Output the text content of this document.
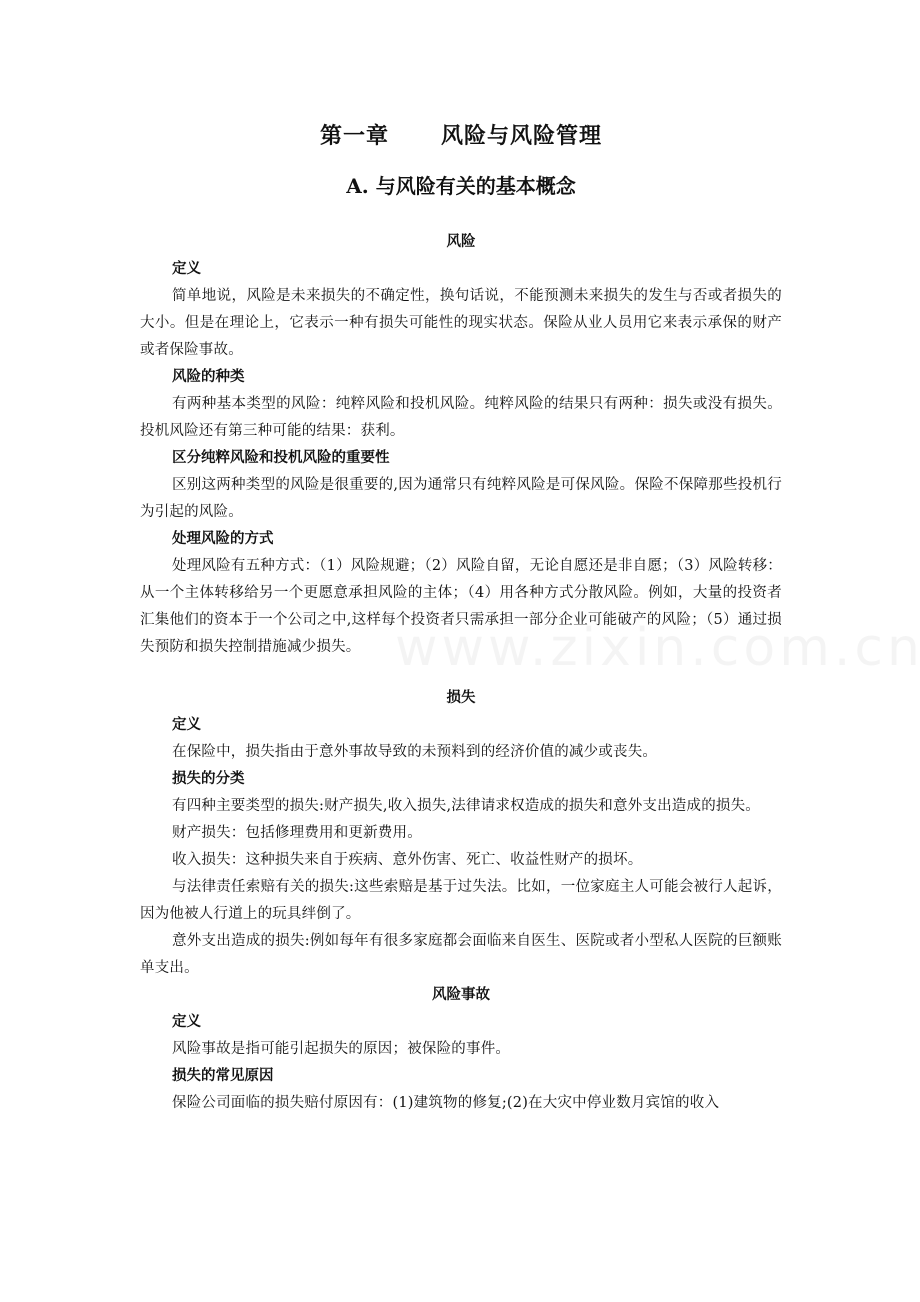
第一章      风险与风险管理
A. 与风险有关的基本概念

风险

定义

简单地说，风险是未来损失的不确定性，换句话说，不能预测未来损失的发生与否或者损失的大小。但是在理论上，它表示一种有损失可能性的现实状态。保险从业人员用它来表示承保的财产或者保险事故。

风险的种类

有两种基本类型的风险：纯粹风险和投机风险。纯粹风险的结果只有两种：损失或没有损失。投机风险还有第三种可能的结果：获利。

区分纯粹风险和投机风险的重要性

区别这两种类型的风险是很重要的,因为通常只有纯粹风险是可保风险。保险不保障那些投机行为引起的风险。

处理风险的方式

处理风险有五种方式：（1）风险规避；（2）风险自留，无论自愿还是非自愿；（3）风险转移：从一个主体转移给另一个更愿意承担风险的主体；（4）用各种方式分散风险。例如，大量的投资者汇集他们的资本于一个公司之中,这样每个投资者只需承担一部分企业可能破产的风险；（5）通过损失预防和损失控制措施减少损失。

损失

定义

在保险中，损失指由于意外事故导致的未预料到的经济价值的减少或丧失。

损失的分类

有四种主要类型的损失:财产损失,收入损失,法律请求权造成的损失和意外支出造成的损失。

财产损失：包括修理费用和更新费用。

收入损失：这种损失来自于疾病、意外伤害、死亡、收益性财产的损坏。

与法律责任索赔有关的损失:这些索赔是基于过失法。比如，一位家庭主人可能会被行人起诉，因为他被人行道上的玩具绊倒了。

意外支出造成的损失:例如每年有很多家庭都会面临来自医生、医院或者小型私人医院的巨额账单支出。

风险事故

定义

风险事故是指可能引起损失的原因；被保险的事件。

损失的常见原因

保险公司面临的损失赔付原因有：(1)建筑物的修复;(2)在大灾中停业数月宾馆的收入
